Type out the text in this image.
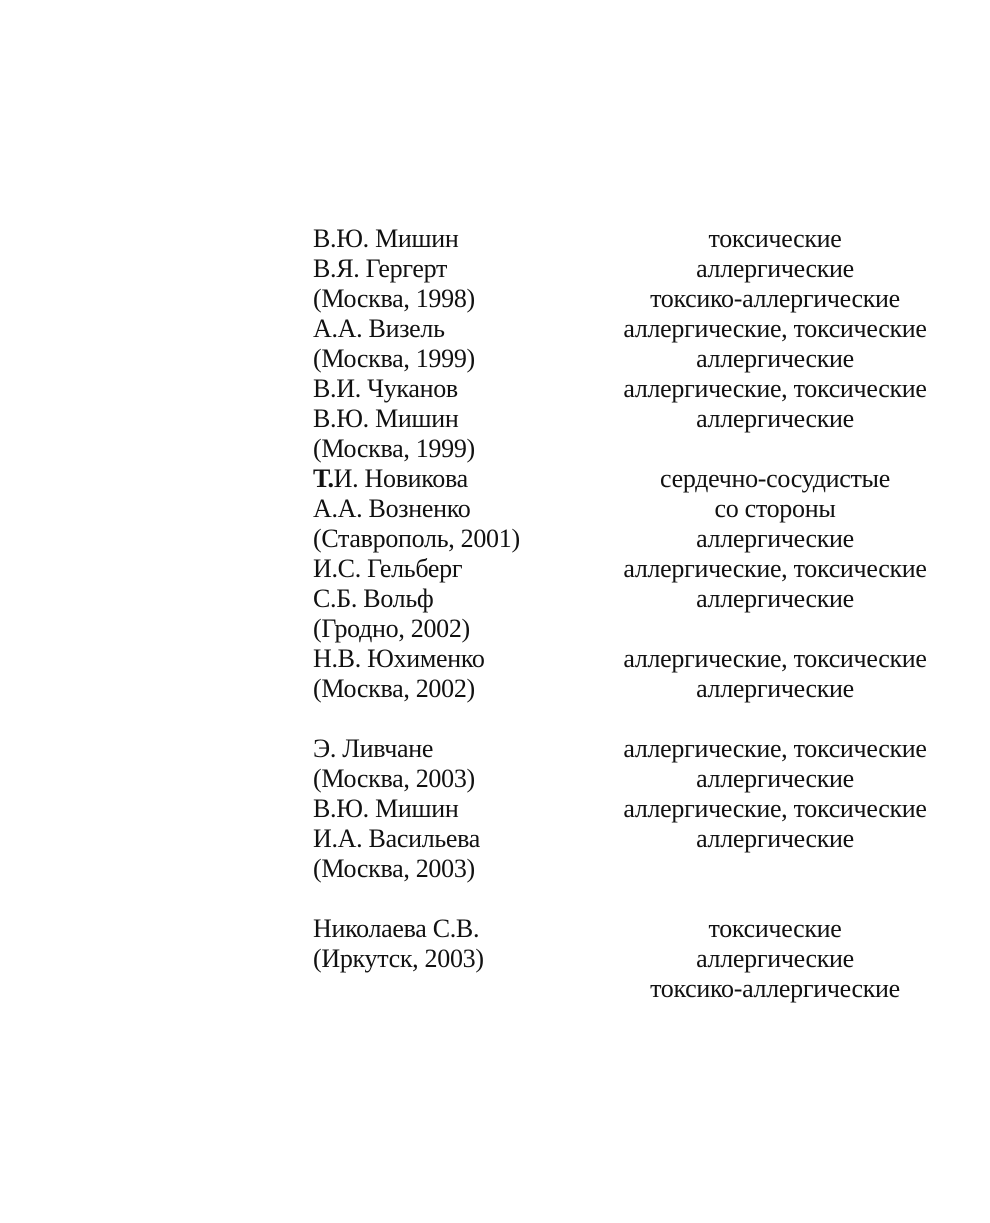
В.Ю. Мишин
В.Я. Гергерт
(Москва, 1998)
А.А. Визель
(Москва, 1999)
В.И. Чуканов
В.Ю. Мишин
(Москва, 1999)
Т.И. Новикова
А.А. Возненко
(Ставрополь, 2001)
И.С. Гельберг
С.Б. Вольф
(Гродно, 2002)
Н.В. Юхименко
(Москва, 2002)
Э. Ливчане
(Москва, 2003)
В.Ю. Мишин
И.А. Васильева
(Москва, 2003)
Николаева С.В.
(Иркутск, 2003)
токсические
аллергические
токсико-аллергические
аллергические, токсические
аллергические
аллергические, токсические
аллергические
сердечно-сосудистые
со стороны
аллергические
аллергические, токсические
аллергические
аллергические, токсические
аллергические
аллергические, токсические
аллергические
аллергические, токсические
аллергические
токсические
аллергические
токсико-аллергические
